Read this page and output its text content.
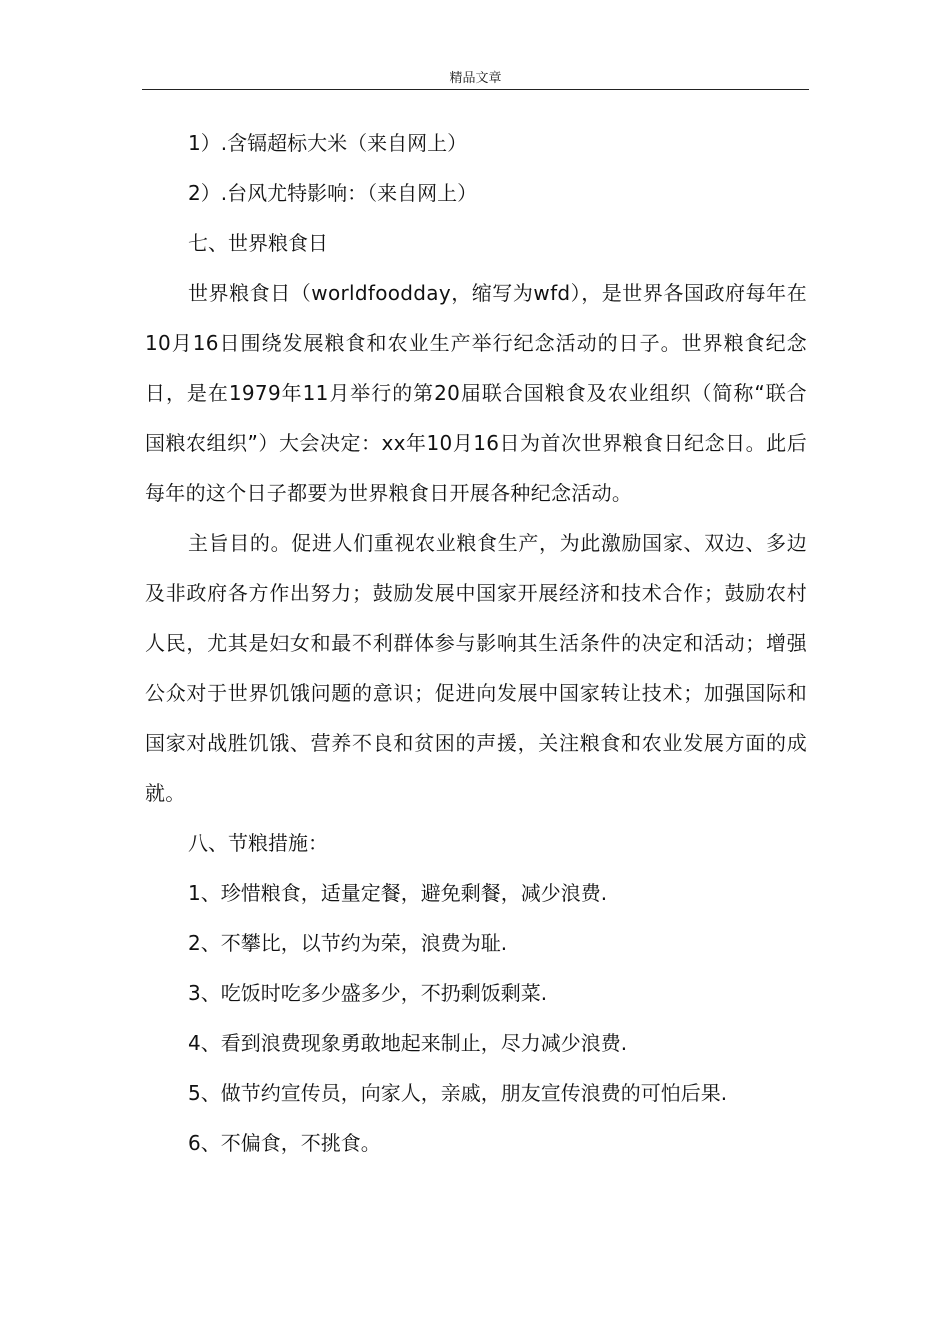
精品文章

1）.含镉超标大米（来自网上）

2）.台风尤特影响：（来自网上）

七、世界粮食日

世界粮食日（worldfoodday，缩写为wfd），是世界各国政府每年在10月16日围绕发展粮食和农业生产举行纪念活动的日子。世界粮食纪念日，是在1979年11月举行的第20届联合国粮食及农业组织（简称“联合国粮农组织”）大会决定：xx年10月16日为首次世界粮食日纪念日。此后每年的这个日子都要为世界粮食日开展各种纪念活动。

主旨目的。促进人们重视农业粮食生产，为此激励国家、双边、多边及非政府各方作出努力；鼓励发展中国家开展经济和技术合作；鼓励农村人民，尤其是妇女和最不利群体参与影响其生活条件的决定和活动；增强公众对于世界饥饿问题的意识；促进向发展中国家转让技术；加强国际和国家对战胜饥饿、营养不良和贫困的声援，关注粮食和农业发展方面的成就。

八、节粮措施：

1、珍惜粮食，适量定餐，避免剩餐，减少浪费.

2、不攀比，以节约为荣，浪费为耻.

3、吃饭时吃多少盛多少，不扔剩饭剩菜.

4、看到浪费现象勇敢地起来制止，尽力减少浪费.

5、做节约宣传员，向家人，亲戚，朋友宣传浪费的可怕后果.

6、不偏食，不挑食。
